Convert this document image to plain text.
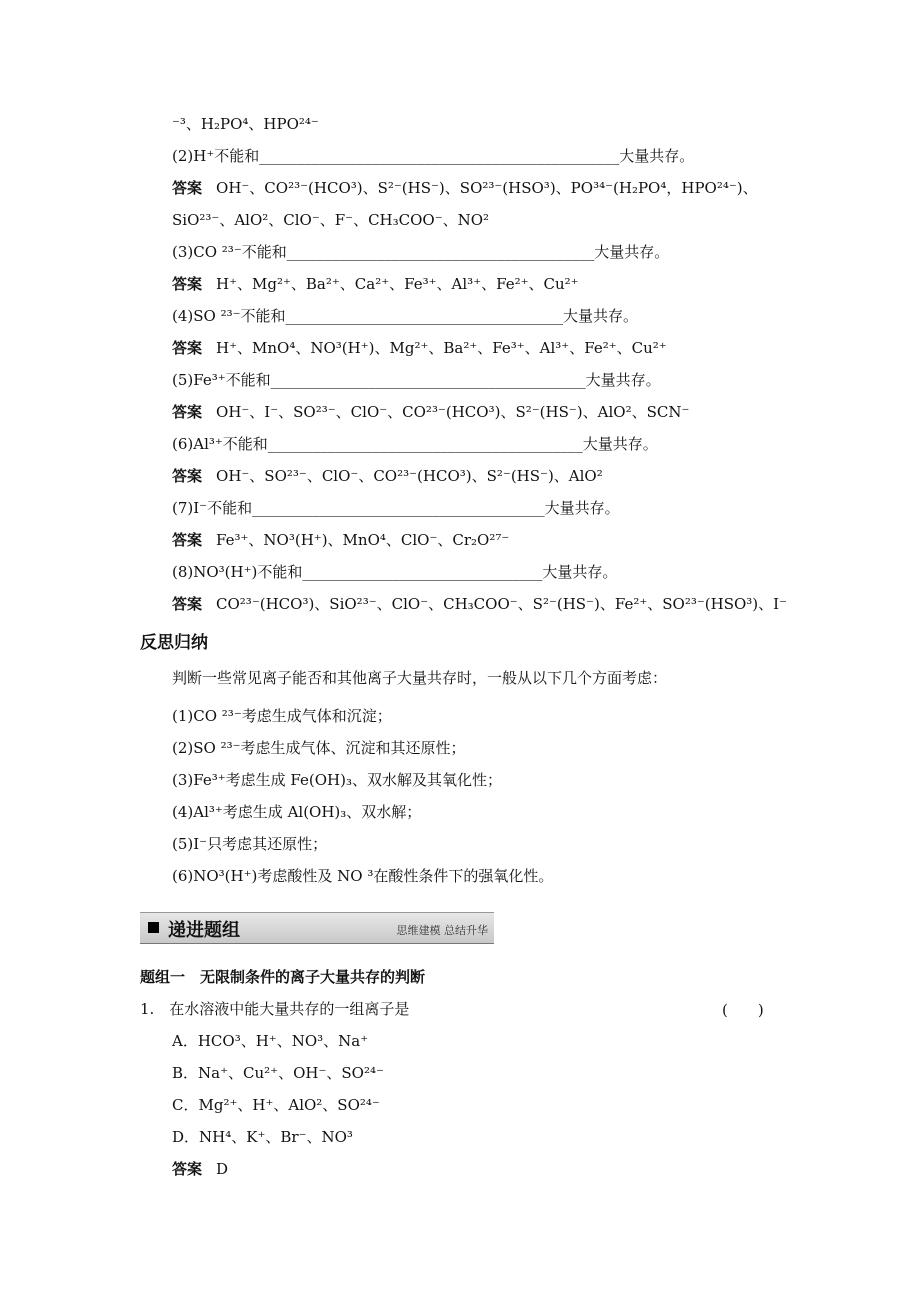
⁻³、H₂PO⁴、HPO²⁴⁻
(2)H⁺不能和________________________________________________大量共存。
答案 OH⁻、CO²³⁻(HCO³)、S²⁻(HS⁻)、SO²³⁻(HSO³)、PO³⁴⁻(H₂PO⁴，HPO²⁴⁻)、
SiO²³⁻、AlO²、ClO⁻、F⁻、CH₃COO⁻、NO²
(3)CO ²³⁻不能和_________________________________________大量共存。
答案 H⁺、Mg²⁺、Ba²⁺、Ca²⁺、Fe³⁺、Al³⁺、Fe²⁺、Cu²⁺
(4)SO ²³⁻不能和_____________________________________大量共存。
答案 H⁺、MnO⁴、NO³(H⁺)、Mg²⁺、Ba²⁺、Fe³⁺、Al³⁺、Fe²⁺、Cu²⁺
(5)Fe³⁺不能和__________________________________________大量共存。
答案 OH⁻、I⁻、SO²³⁻、ClO⁻、CO²³⁻(HCO³)、S²⁻(HS⁻)、AlO²、SCN⁻
(6)Al³⁺不能和__________________________________________大量共存。
答案 OH⁻、SO²³⁻、ClO⁻、CO²³⁻(HCO³)、S²⁻(HS⁻)、AlO²
(7)I⁻不能和_______________________________________大量共存。
答案 Fe³⁺、NO³(H⁺)、MnO⁴、ClO⁻、Cr₂O²⁷⁻
(8)NO³(H⁺)不能和________________________________大量共存。
答案 CO²³⁻(HCO³)、SiO²³⁻、ClO⁻、CH₃COO⁻、S²⁻(HS⁻)、Fe²⁺、SO²³⁻(HSO³)、I⁻
反思归纳
判断一些常见离子能否和其他离子大量共存时，一般从以下几个方面考虑：
(1)CO ²³⁻考虑生成气体和沉淀；
(2)SO ²³⁻考虑生成气体、沉淀和其还原性；
(3)Fe³⁺考虑生成 Fe(OH)₃、双水解及其氧化性；
(4)Al³⁺考虑生成 Al(OH)₃、双水解；
(5)I⁻只考虑其还原性；
(6)NO³(H⁺)考虑酸性及 NO ³在酸性条件下的强氧化性。
递进题组	思维建模 总结升华
题组一　无限制条件的离子大量共存的判断
1.　在水溶液中能大量共存的一组离子是	(　　)
A．HCO³、H⁺、NO³、Na⁺
B．Na⁺、Cu²⁺、OH⁻、SO²⁴⁻
C．Mg²⁺、H⁺、AlO²、SO²⁴⁻
D．NH⁴、K⁺、Br⁻、NO³
答案 D
